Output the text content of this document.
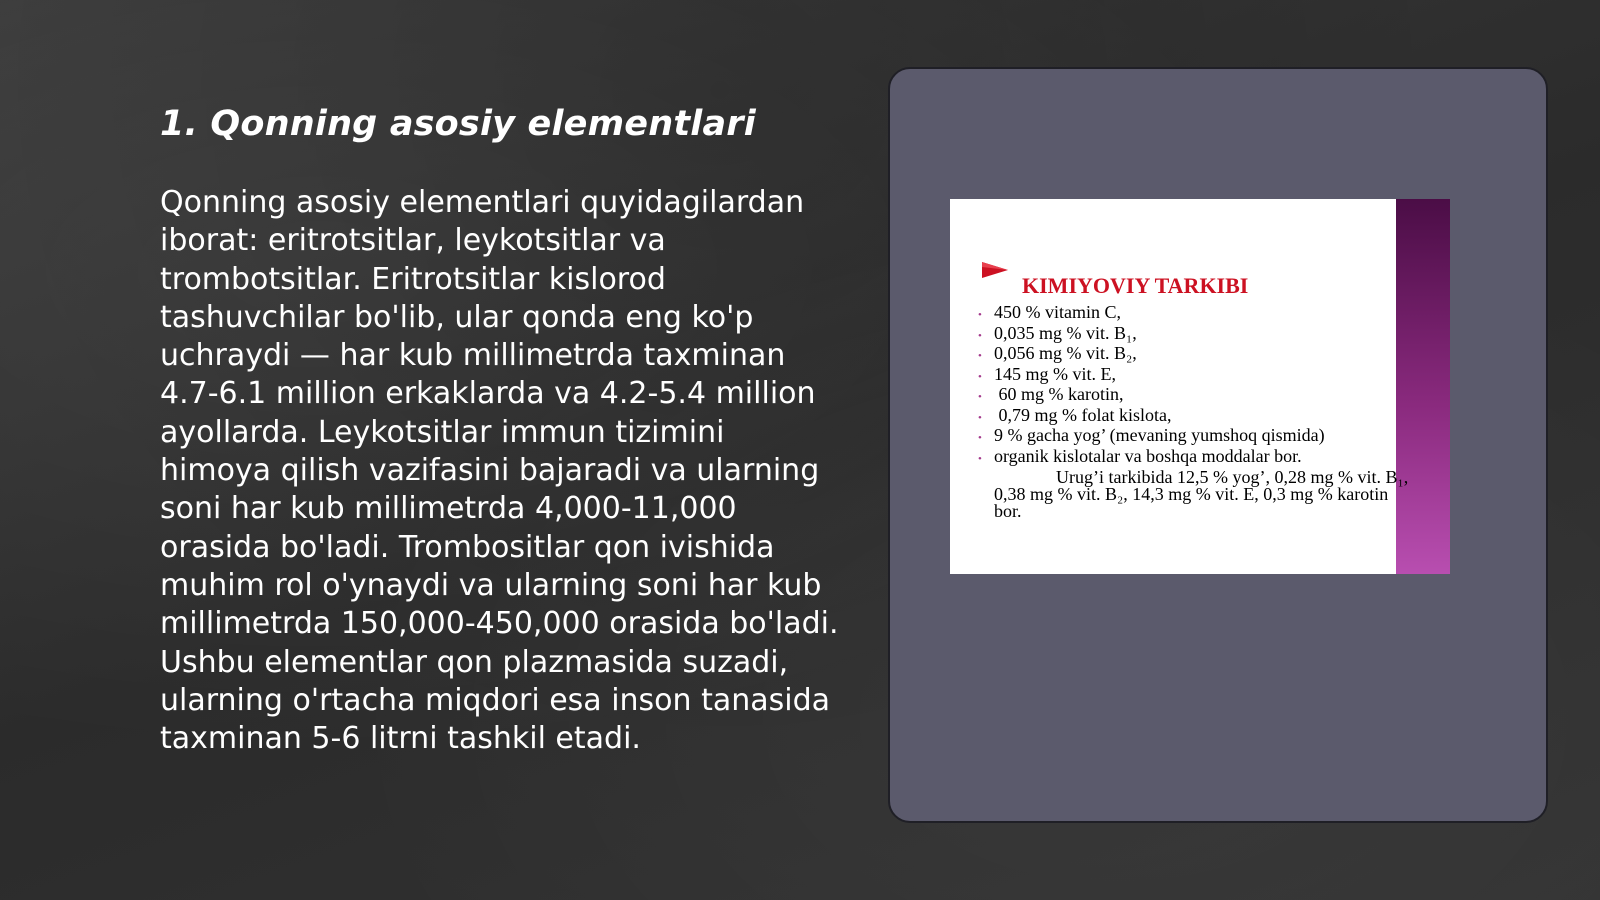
1. Qonning asosiy elementlari

Qonning asosiy elementlari quyidagilardan iborat: eritrotsitlar, leykotsitlar va trombotsitlar. Eritrotsitlar kislorod tashuvchilar bo'lib, ular qonda eng ko'p uchraydi — har kub millimetrda taxminan 4.7-6.1 million erkaklarda va 4.2-5.4 million ayollarda. Leykotsitlar immun tizimini himoya qilish vazifasini bajaradi va ularning soni har kub millimetrda 4,000-11,000 orasida bo'ladi. Trombositlar qon ivishida muhim rol o'ynaydi va ularning soni har kub millimetrda 150,000-450,000 orasida bo'ladi. Ushbu elementlar qon plazmasida suzadi, ularning o'rtacha miqdori esa inson tanasida taxminan 5-6 litrni tashkil etadi.

KIMIYOVIY TARKIBI
• 450 % vitamin C,
• 0,035 mg % vit. B₁,
• 0,056 mg % vit. B₂,
• 145 mg % vit. E,
• 60 mg % karotin,
• 0,79 mg % folat kislota,
• 9 % gacha yog’ (mevaning yumshoq qismida)
• organik kislotalar va boshqa moddalar bor.

Urug’i tarkibida 12,5 % yog’, 0,28 mg % vit. B₁, 0,38 mg % vit. B₂, 14,3 mg % vit. E, 0,3 mg % karotin bor.
